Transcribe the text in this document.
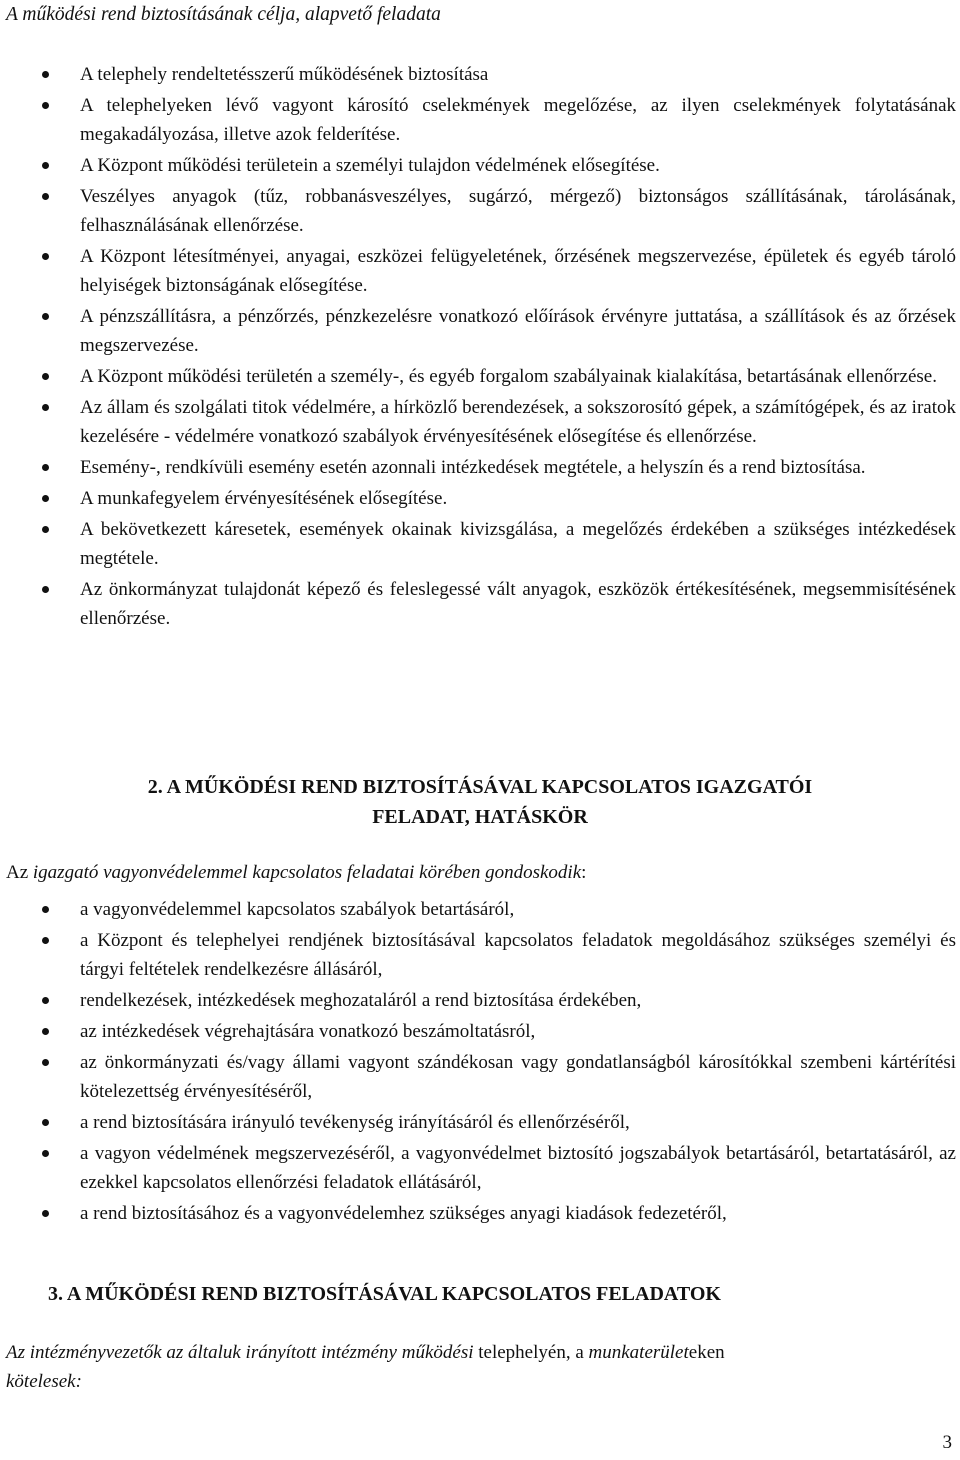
A működési rend biztosításának célja, alapvető feladata
A telephely rendeltetésszerű működésének biztosítása
A telephelyeken lévő vagyont károsító cselekmények megelőzése, az ilyen cselekmények folytatásának megakadályozása, illetve azok felderítése.
A Központ működési területein a személyi tulajdon védelmének elősegítése.
Veszélyes anyagok (tűz, robbanásveszélyes, sugárzó, mérgező) biztonságos szállításának, tárolásának, felhasználásának ellenőrzése.
A Központ létesítményei, anyagai, eszközei felügyeletének, őrzésének megszervezése, épületek és egyéb tároló helyiségek biztonságának elősegítése.
A pénzszállításra, a pénzőrzés, pénzkezelésre vonatkozó előírások érvényre juttatása, a szállítások és az őrzések megszervezése.
A Központ működési területén a személy-, és egyéb forgalom szabályainak kialakítása, betartásának ellenőrzése.
Az állam és szolgálati titok védelmére, a hírközlő berendezések, a sokszorosító gépek, a számítógépek, és az iratok kezelésére - védelmére vonatkozó szabályok érvényesítésének elősegítése és ellenőrzése.
Esemény-, rendkívüli esemény esetén azonnali intézkedések megtétele, a helyszín és a rend biztosítása.
A munkafegyelem érvényesítésének elősegítése.
A bekövetkezett káresetek, események okainak kivizsgálása, a megelőzés érdekében a szükséges intézkedések megtétele.
Az önkormányzat tulajdonát képező és feleslegessé vált anyagok, eszközök értékesítésének, megsemmisítésének ellenőrzése.
2. A MŰKÖDÉSI REND BIZTOSÍTÁSÁVAL KAPCSOLATOS IGAZGATÓI
FELADAT, HATÁSKÖR
Az igazgató vagyonvédelemmel kapcsolatos feladatai körében gondoskodik:
a vagyonvédelemmel kapcsolatos szabályok betartásáról,
a Központ és telephelyei rendjének biztosításával kapcsolatos feladatok megoldásához szükséges személyi és tárgyi feltételek rendelkezésre állásáról,
rendelkezések, intézkedések meghozataláról a rend biztosítása érdekében,
az intézkedések végrehajtására vonatkozó beszámoltatásról,
az önkormányzati és/vagy állami vagyont szándékosan vagy gondatlanságból károsítókkal szembeni kártérítési kötelezettség érvényesítéséről,
a rend biztosítására irányuló tevékenység irányításáról és ellenőrzéséről,
a vagyon védelmének megszervezéséről, a vagyonvédelmet biztosító jogszabályok betartásáról, betartatásáról, az ezekkel kapcsolatos ellenőrzési feladatok ellátásáról,
a rend biztosításához és a vagyonvédelemhez szükséges anyagi kiadások fedezetéről,
3. A MŰKÖDÉSI REND BIZTOSÍTÁSÁVAL KAPCSOLATOS FELADATOK
Az intézményvezetők az általuk irányított intézmény működési telephelyén, a munkaterületeken
kötelesek:
3
